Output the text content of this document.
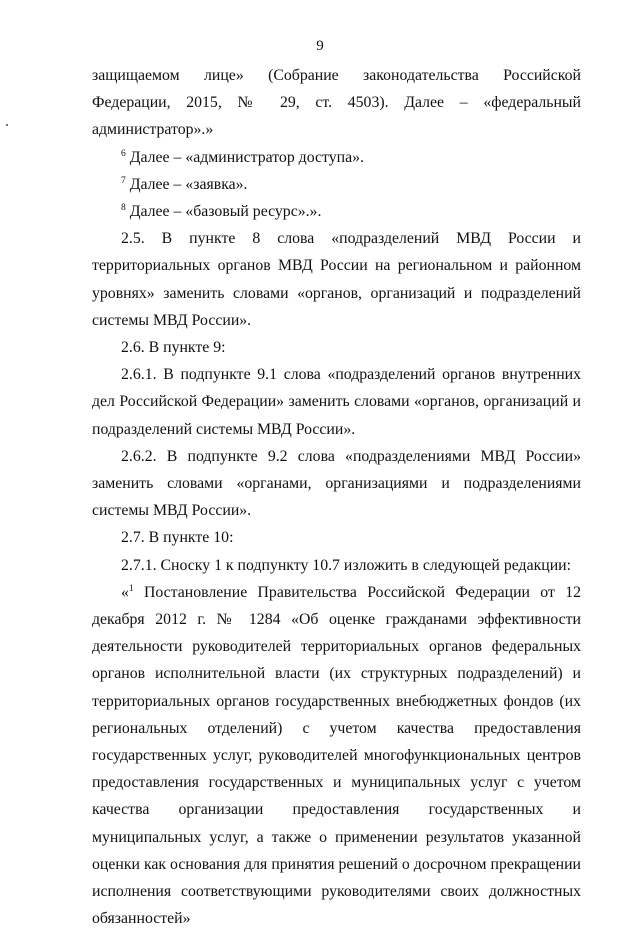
9

защищаемом лице» (Собрание законодательства Российской Федерации, 2015, № 29, ст. 4503). Далее – «федеральный администратор».»

$^6$ Далее – «администратор доступа».

$^7$ Далее – «заявка».

$^8$ Далее – «базовый ресурс».».

2.5. В пункте 8 слова «подразделений МВД России и территориальных органов МВД России на региональном и районном уровнях» заменить словами «органов, организаций и подразделений системы МВД России».

2.6. В пункте 9:

2.6.1. В подпункте 9.1 слова «подразделений органов внутренних дел Российской Федерации» заменить словами «органов, организаций и подразделений системы МВД России».

2.6.2. В подпункте 9.2 слова «подразделениями МВД России» заменить словами «органами, организациями и подразделениями системы МВД России».

2.7. В пункте 10:

2.7.1. Сноску 1 к подпункту 10.7 изложить в следующей редакции:

«$^1$ Постановление Правительства Российской Федерации от 12 декабря 2012 г. № 1284 «Об оценке гражданами эффективности деятельности руководителей территориальных органов федеральных органов исполнительной власти (их структурных подразделений) и территориальных органов государственных внебюджетных фондов (их региональных отделений) с учетом качества предоставления государственных услуг, руководителей многофункциональных центров предоставления государственных и муниципальных услуг с учетом качества организации предоставления государственных и муниципальных услуг, а также о применении результатов указанной оценки как основания для принятия решений о досрочном прекращении исполнения соответствующими руководителями своих должностных обязанностей»
